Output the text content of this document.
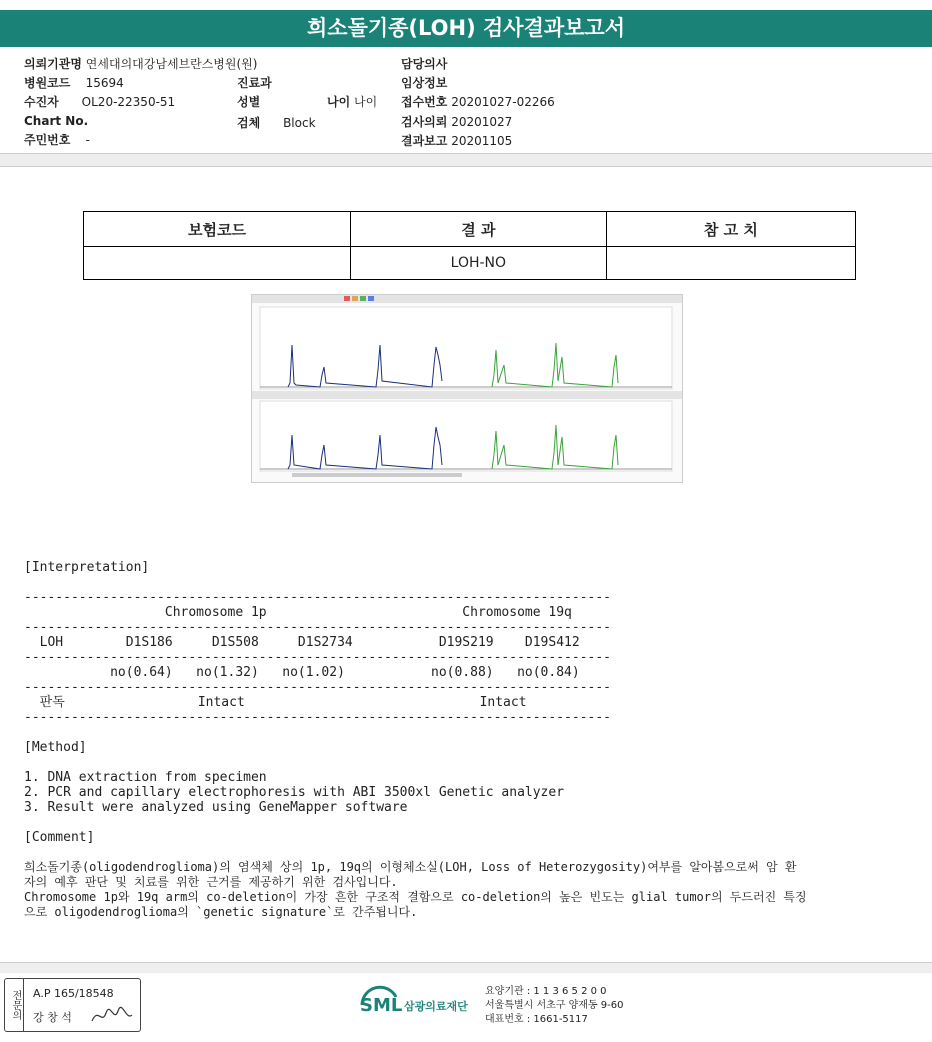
희소돌기종(LOH) 검사결과보고서
의뢰기관명 연세대의대강남세브란스병원(원)
병원코드 15694
수진자 OL20-22350-51
Chart No.
주민번호 -
진료과
성별
검체 Block
나이 나이
담당의사
임상정보
접수번호 20201027-02266
검사의뢰 20201027
결과보고 20201105
보험코드	결 과	참 고 치
	LOH-NO	
[Interpretation]
---------------------------------------------------------------------------
Chromosome 1p                         Chromosome 19q
---------------------------------------------------------------------------
LOH        D1S186     D1S508     D1S2734           D19S219    D19S412
---------------------------------------------------------------------------
no(0.64)   no(1.32)   no(1.02)           no(0.88)   no(0.84)
---------------------------------------------------------------------------
판독                 Intact                              Intact
---------------------------------------------------------------------------
[Method]
1. DNA extraction from specimen
2. PCR and capillary electrophoresis with ABI 3500xl Genetic analyzer
3. Result were analyzed using GeneMapper software
[Comment]
희소돌기종(oligodendroglioma)의 염색체 상의 1p, 19q의 이형체소실(LOH, Loss of Heterozygosity)여부를 알아봄으로써 암 환
자의 예후 판단 및 치료를 위한 근거를 제공하기 위한 검사입니다.
Chromosome 1p와 19q arm의 co-deletion이 가장 흔한 구조적 결함으로 co-deletion의 높은 빈도는 glial tumor의 두드러진 특징
으로 oligodendroglioma의 `genetic signature`로 간주됩니다.
전문의 A.P 165/18548
강 창 석
SML 삼광의료재단
요양기관 : 1 1 3 6 5 2 0 0
서울특별시 서초구 양재동 9-60
대표번호 : 1661-5117
